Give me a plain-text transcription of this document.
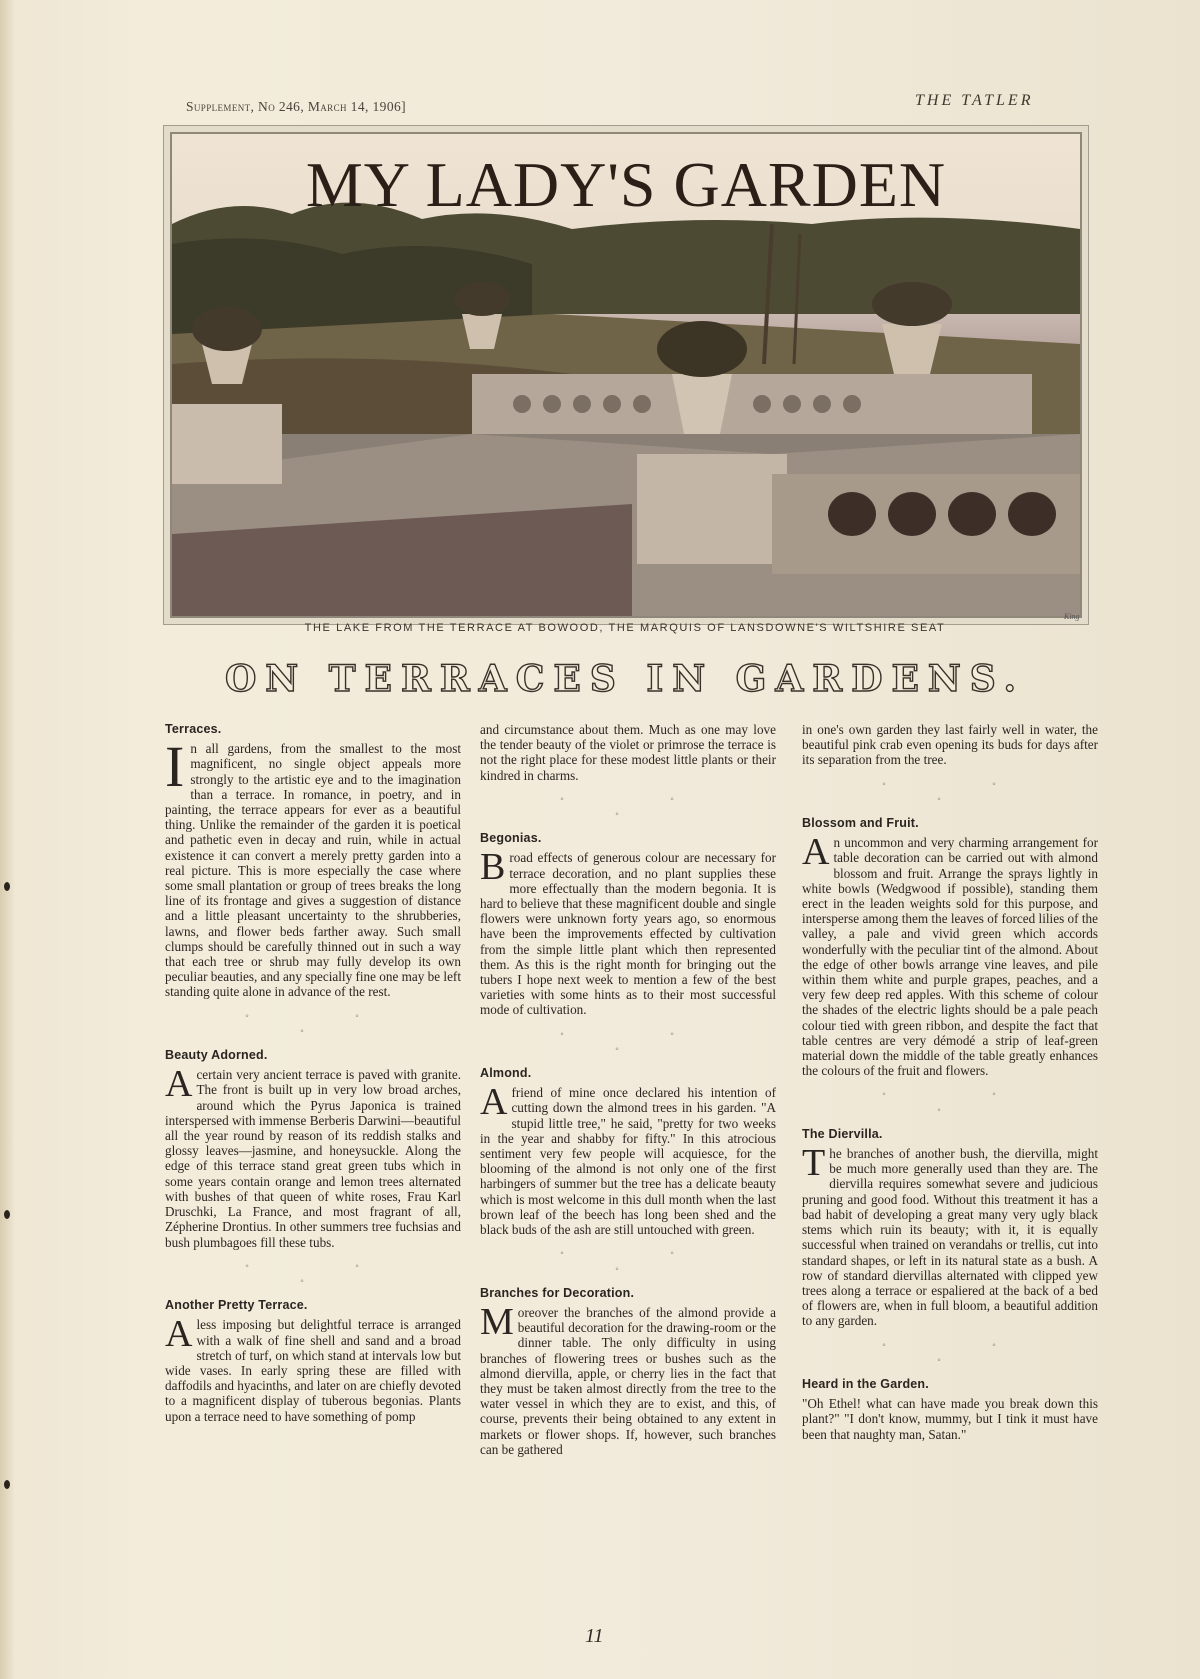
Supplement, No 246, March 14, 1906]	THE TATLER
MY LADY'S GARDEN
King
THE LAKE FROM THE TERRACE AT BOWOOD, THE MARQUIS OF LANSDOWNE'S WILTSHIRE SEAT
ON TERRACES IN GARDENS.
Terraces.

In all gardens, from the smallest to the most magnificent, no single object appeals more strongly to the artistic eye and to the imagination than a terrace. In romance, in poetry, and in painting, the terrace appears for ever as a beautiful thing. Unlike the remainder of the garden it is poetical and pathetic even in decay and ruin, while in actual existence it can convert a merely pretty garden into a real picture. This is more especially the case where some small plantation or group of trees breaks the long line of its frontage and gives a suggestion of distance and a little pleasant uncertainty to the shrubberies, lawns, and flower beds farther away. Such small clumps should be carefully thinned out in such a way that each tree or shrub may fully develop its own peculiar beauties, and any specially fine one may be left standing quite alone in advance of the rest.

◦ ◦ ◦
Beauty Adorned.

Acertain very ancient terrace is paved with granite. The front is built up in very low broad arches, around which the Pyrus Japonica is trained interspersed with immense Berberis Darwini—beautiful all the year round by reason of its reddish stalks and glossy leaves—jasmine, and honeysuckle. Along the edge of this terrace stand great green tubs which in some years contain orange and lemon trees alternated with bushes of that queen of white roses, Frau Karl Druschki, La France, and most fragrant of all, Zépherine Drontius. In other summers tree fuchsias and bush plumbagoes fill these tubs.

◦ ◦ ◦
Another Pretty Terrace.

Aless imposing but delightful terrace is arranged with a walk of fine shell and sand and a broad stretch of turf, on which stand at intervals low but wide vases. In early spring these are filled with daffodils and hyacinths, and later on are chiefly devoted to a magnificent display of tuberous begonias. Plants upon a terrace need to have something of pomp

and circumstance about them. Much as one may love the tender beauty of the violet or primrose the terrace is not the right place for these modest little plants or their kindred in charms.

◦ ◦ ◦
Begonias.

Broad effects of generous colour are necessary for terrace decoration, and no plant supplies these more effectually than the modern begonia. It is hard to believe that these magnificent double and single flowers were unknown forty years ago, so enormous have been the improvements effected by cultivation from the simple little plant which then represented them. As this is the right month for bringing out the tubers I hope next week to mention a few of the best varieties with some hints as to their most successful mode of cultivation.

◦ ◦ ◦
Almond.

Afriend of mine once declared his intention of cutting down the almond trees in his garden. "A stupid little tree," he said, "pretty for two weeks in the year and shabby for fifty." In this atrocious sentiment very few people will acquiesce, for the blooming of the almond is not only one of the first harbingers of summer but the tree has a delicate beauty which is most welcome in this dull month when the last brown leaf of the beech has long been shed and the black buds of the ash are still untouched with green.

◦ ◦ ◦
Branches for Decoration.

Moreover the branches of the almond provide a beautiful decoration for the drawing-room or the dinner table. The only difficulty in using branches of flowering trees or bushes such as the almond diervilla, apple, or cherry lies in the fact that they must be taken almost directly from the tree to the water vessel in which they are to exist, and this, of course, prevents their being obtained to any extent in markets or flower shops. If, however, such branches can be gathered

in one's own garden they last fairly well in water, the beautiful pink crab even opening its buds for days after its separation from the tree.

◦ ◦ ◦
Blossom and Fruit.

An uncommon and very charming arrangement for table decoration can be carried out with almond blossom and fruit. Arrange the sprays lightly in white bowls (Wedgwood if possible), standing them erect in the leaden weights sold for this purpose, and intersperse among them the leaves of forced lilies of the valley, a pale and vivid green which accords wonderfully with the peculiar tint of the almond. About the edge of other bowls arrange vine leaves, and pile within them white and purple grapes, peaches, and a very few deep red apples. With this scheme of colour the shades of the electric lights should be a pale peach colour tied with green ribbon, and despite the fact that table centres are very démodé a strip of leaf-green material down the middle of the table greatly enhances the colours of the fruit and flowers.

◦ ◦ ◦
The Diervilla.

The branches of another bush, the diervilla, might be much more generally used than they are. The diervilla requires somewhat severe and judicious pruning and good food. Without this treatment it has a bad habit of developing a great many very ugly black stems which ruin its beauty; with it, it is equally successful when trained on verandahs or trellis, cut into standard shapes, or left in its natural state as a bush. A row of standard diervillas alternated with clipped yew trees along a terrace or espaliered at the back of a bed of flowers are, when in full bloom, a beautiful addition to any garden.

◦ ◦ ◦
Heard in the Garden.

"Oh Ethel! what can have made you break down this plant?" "I don't know, mummy, but I tink it must have been that naughty man, Satan."

11
